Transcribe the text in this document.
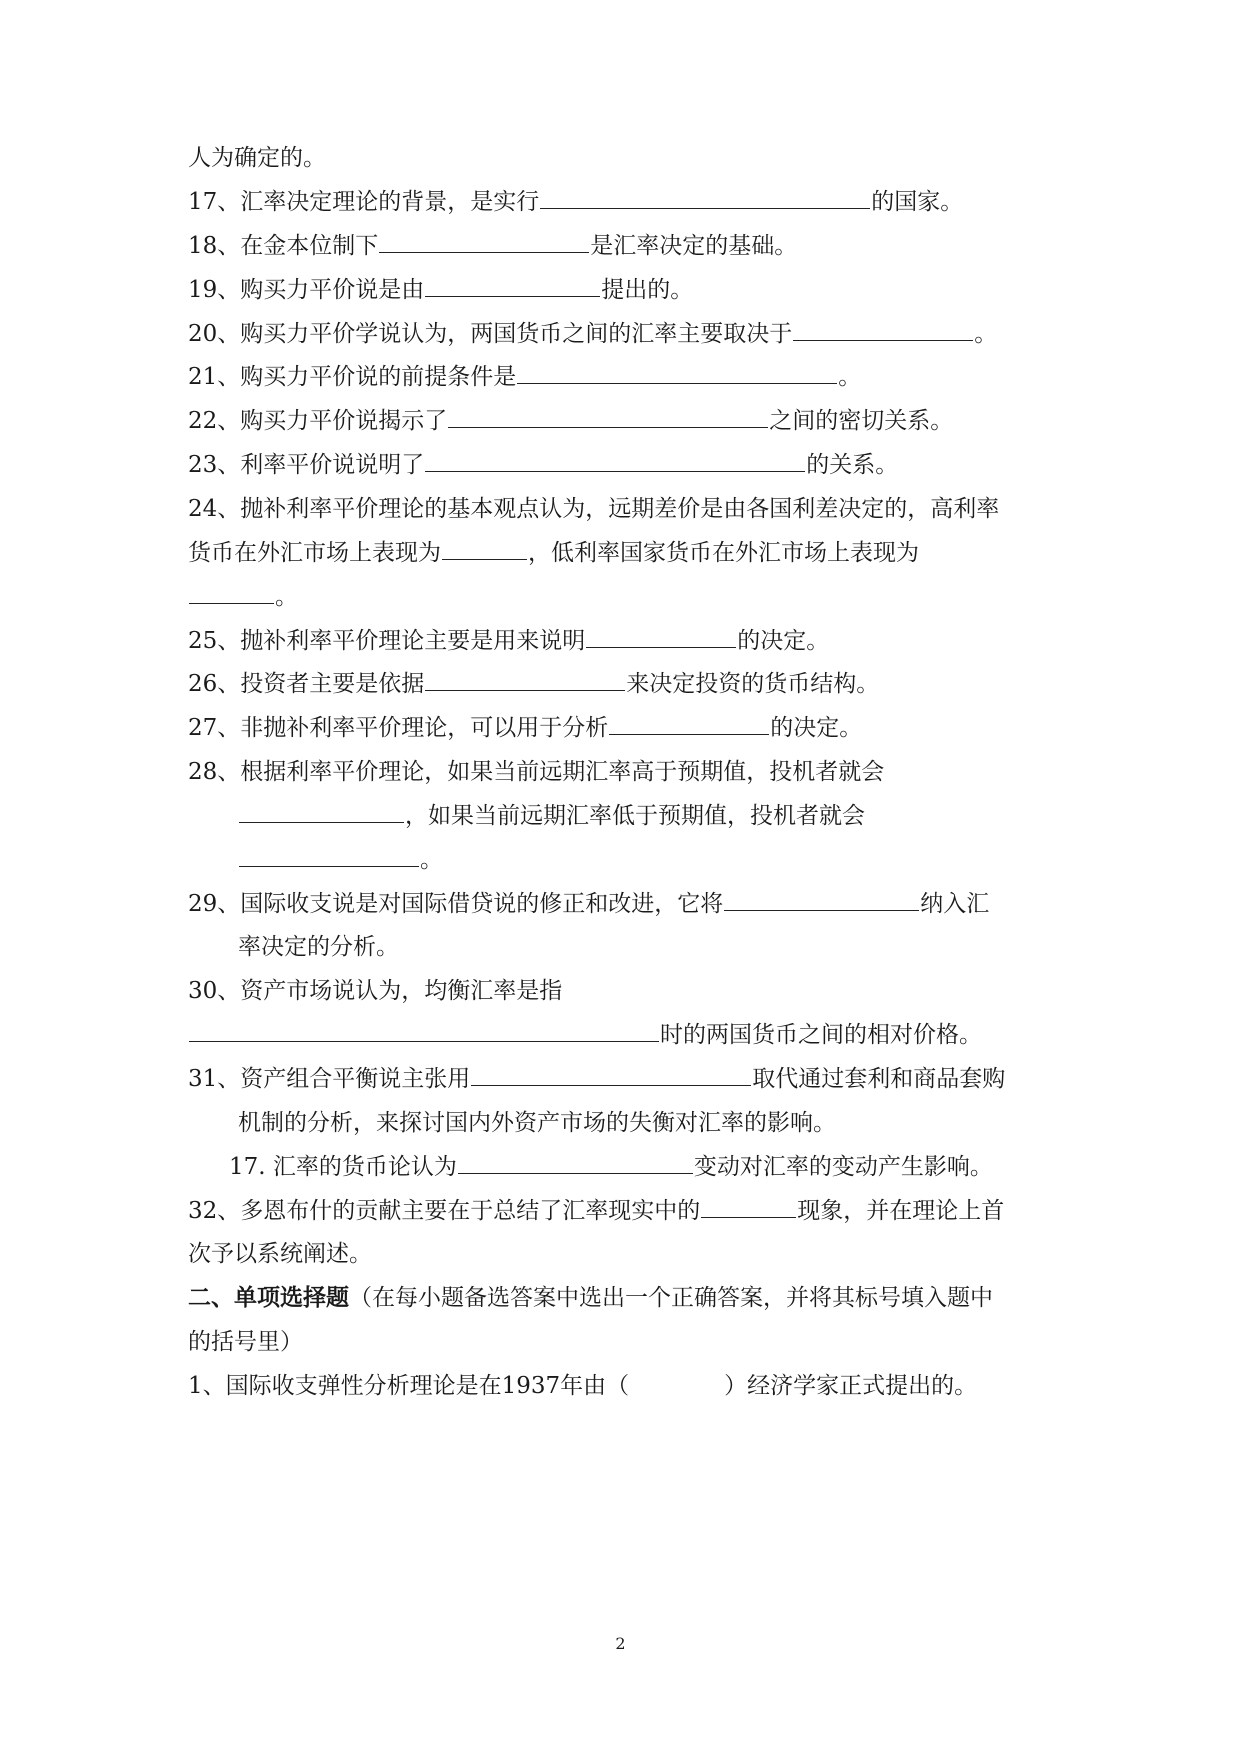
人为确定的。
17、汇率决定理论的背景，是实行	的国家。
18、在金本位制下	是汇率决定的基础。
19、购买力平价说是由	提出的。
20、购买力平价学说认为，两国货币之间的汇率主要取决于	。
21、购买力平价说的前提条件是	。
22、购买力平价说揭示了	之间的密切关系。
23、利率平价说说明了	的关系。
24、抛补利率平价理论的基本观点认为，远期差价是由各国利差决定的，高利率
货币在外汇市场上表现为	，低利率国家货币在外汇市场上表现为
。
25、抛补利率平价理论主要是用来说明	的决定。
26、投资者主要是依据	来决定投资的货币结构。
27、非抛补利率平价理论，可以用于分析	的决定。
28、根据利率平价理论，如果当前远期汇率高于预期值，投机者就会
，如果当前远期汇率低于预期值，投机者就会
。
29、国际收支说是对国际借贷说的修正和改进，它将	纳入汇
率决定的分析。
30、资产市场说认为，均衡汇率是指
时的两国货币之间的相对价格。
31、资产组合平衡说主张用	取代通过套利和商品套购
机制的分析，来探讨国内外资产市场的失衡对汇率的影响。
17. 汇率的货币论认为	变动对汇率的变动产生影响。
32、多恩布什的贡献主要在于总结了汇率现实中的	现象，并在理论上首
次予以系统阐述。
二、单项选择题（在每小题备选答案中选出一个正确答案，并将其标号填入题中
的括号里）
1、国际收支弹性分析理论是在1937年由（	）经济学家正式提出的。
2
